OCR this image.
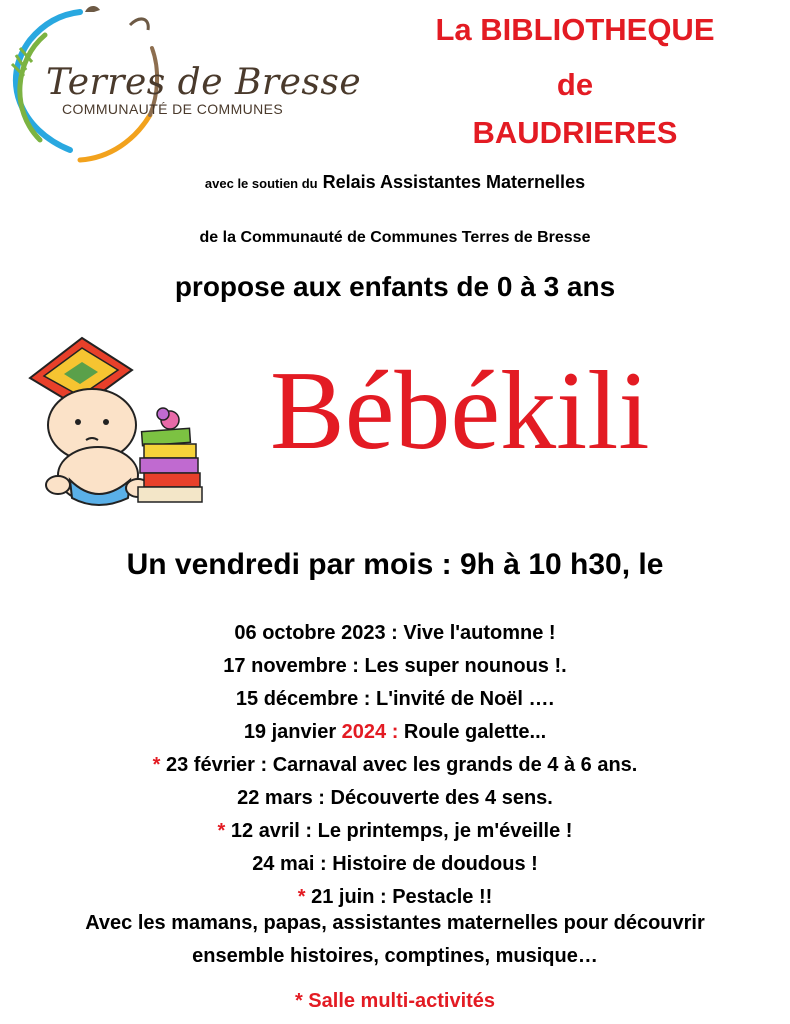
Terres de Bresse
COMMUNAUTÉ DE COMMUNES
La BIBLIOTHEQUE
de
BAUDRIERES
avec le soutien du Relais Assistantes Maternelles
de la Communauté de Communes Terres de Bresse
propose aux enfants de 0 à 3 ans
Bébékili
Un vendredi par mois : 9h à 10 h30, le
06 octobre 2023 : Vive l'automne !
17 novembre : Les super nounous !.
15 décembre : L'invité de Noël ….
19 janvier 2024 : Roule galette...
* 23 février : Carnaval avec les grands de 4 à 6 ans.
22 mars : Découverte des 4 sens.
* 12 avril : Le printemps, je m'éveille !
24 mai : Histoire de doudous !
* 21 juin : Pestacle !!
Avec les mamans, papas, assistantes maternelles pour découvrir
ensemble histoires, comptines, musique…
* Salle multi-activités
